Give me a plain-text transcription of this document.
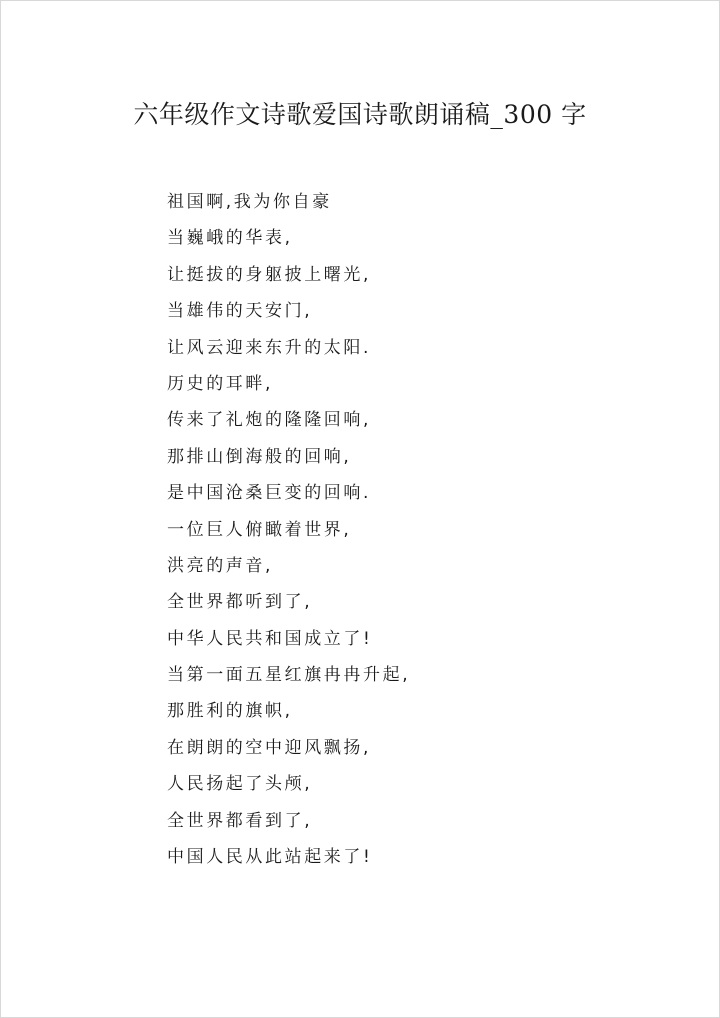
六年级作文诗歌爱国诗歌朗诵稿_300 字
祖国啊,我为你自豪
当巍峨的华表,
让挺拔的身躯披上曙光,
当雄伟的天安门,
让风云迎来东升的太阳.
历史的耳畔,
传来了礼炮的隆隆回响,
那排山倒海般的回响,
是中国沧桑巨变的回响.
一位巨人俯瞰着世界,
洪亮的声音,
全世界都听到了,
中华人民共和国成立了!
当第一面五星红旗冉冉升起,
那胜利的旗帜,
在朗朗的空中迎风飘扬,
人民扬起了头颅,
全世界都看到了,
中国人民从此站起来了!
